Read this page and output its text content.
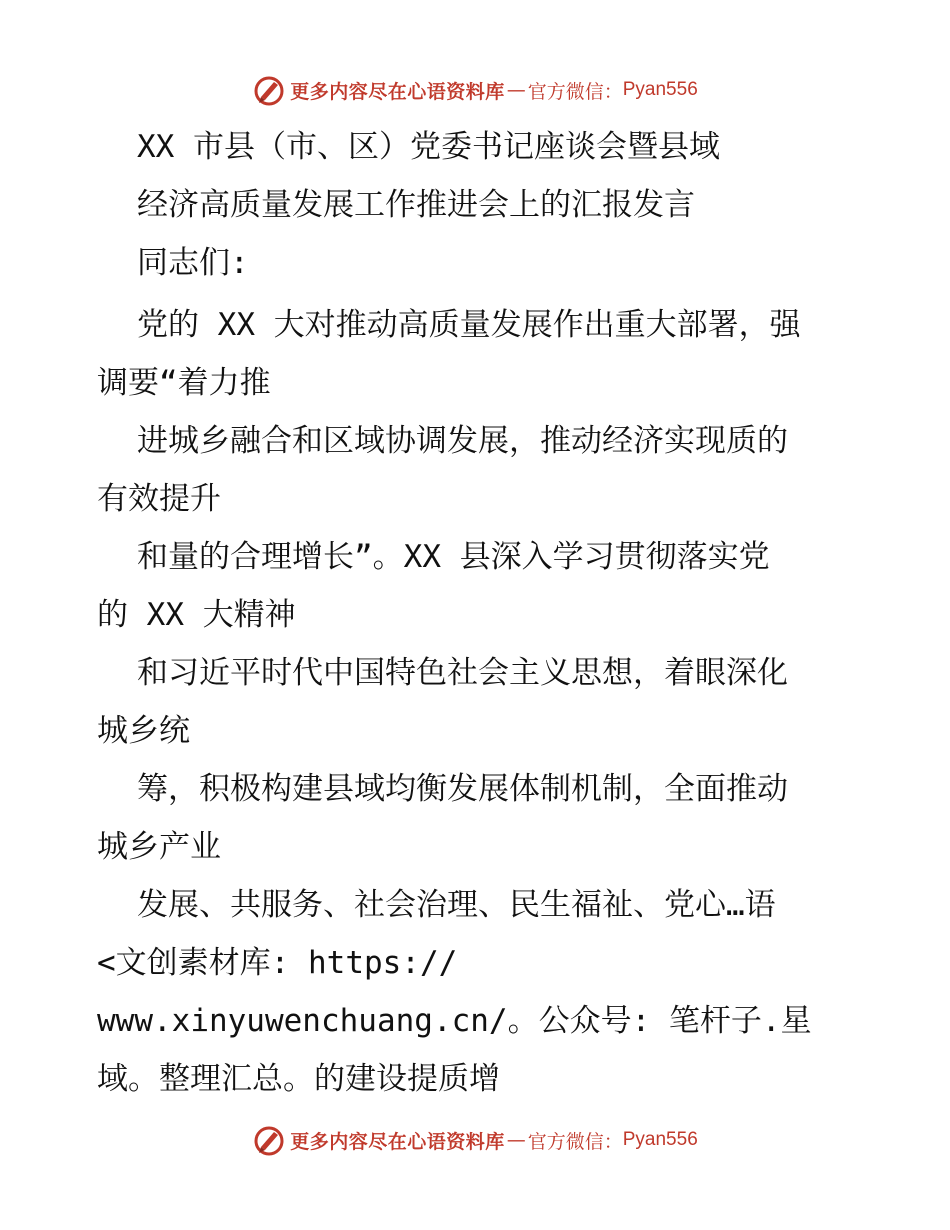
更多内容尽在心语资料库 — 官方微信： Pyan556
XX 市县（市、区）党委书记座谈会暨县域
经济高质量发展工作推进会上的汇报发言
同志们:
党的 XX 大对推动高质量发展作出重大部署，强
调要“着力推
进城乡融合和区域协调发展，推动经济实现质的
有效提升
和量的合理增长”。XX 县深入学习贯彻落实党
的 XX 大精神
和习近平时代中国特色社会主义思想，着眼深化
城乡统
筹，积极构建县域均衡发展体制机制，全面推动
城乡产业
发展、共服务、社会治理、民生福祉、党心…语
<文创素材库: https://
www.xinyuwenchuang.cn/。公众号: 笔杆子.星
域。整理汇总。的建设提质增
更多内容尽在心语资料库 — 官方微信： Pyan556
